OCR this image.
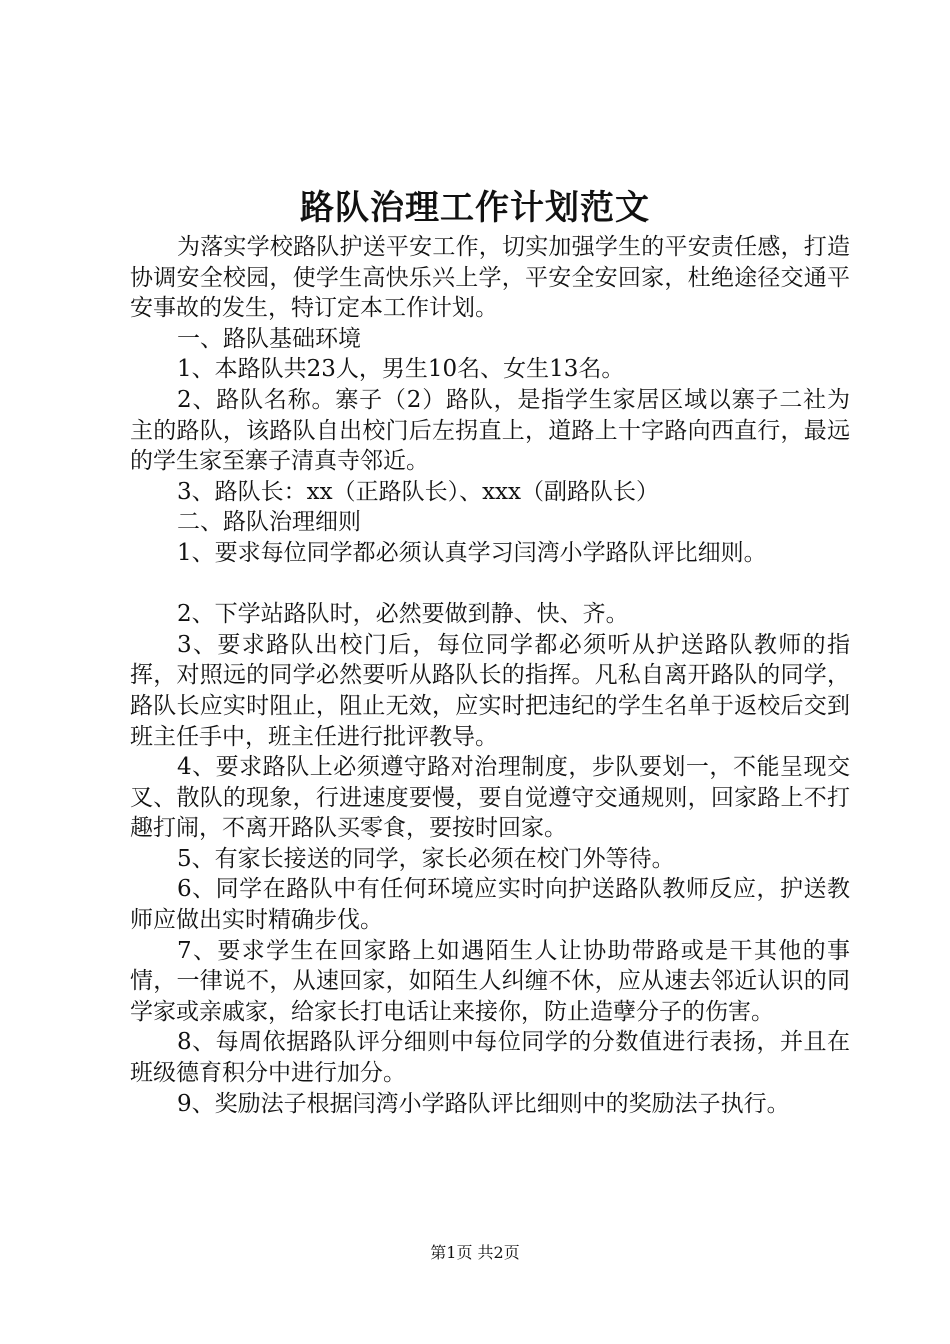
路队治理工作计划范文

为落实学校路队护送平安工作，切实加强学生的平安责任感，打造协调安全校园，使学生高快乐兴上学，平安全安回家，杜绝途径交通平安事故的发生，特订定本工作计划。

一、路队基础环境

1、本路队共23人，男生10名、女生13名。

2、路队名称。寨子（2）路队，是指学生家居区域以寨子二社为主的路队，该路队自出校门后左拐直上，道路上十字路向西直行，最远的学生家至寨子清真寺邻近。

3、路队长：xx（正路队长）、xxx（副路队长）

二、路队治理细则

1、要求每位同学都必须认真学习闫湾小学路队评比细则。

2、下学站路队时，必然要做到静、快、齐。

3、要求路队出校门后，每位同学都必须听从护送路队教师的指挥，对照远的同学必然要听从路队长的指挥。凡私自离开路队的同学，路队长应实时阻止，阻止无效，应实时把违纪的学生名单于返校后交到班主任手中，班主任进行批评教导。

4、要求路队上必须遵守路对治理制度，步队要划一，不能呈现交叉、散队的现象，行进速度要慢，要自觉遵守交通规则，回家路上不打趣打闹，不离开路队买零食，要按时回家。

5、有家长接送的同学，家长必须在校门外等待。

6、同学在路队中有任何环境应实时向护送路队教师反应，护送教师应做出实时精确步伐。

7、要求学生在回家路上如遇陌生人让协助带路或是干其他的事情，一律说不，从速回家，如陌生人纠缠不休，应从速去邻近认识的同学家或亲戚家，给家长打电话让来接你，防止造孽分子的伤害。

8、每周依据路队评分细则中每位同学的分数值进行表扬，并且在班级德育积分中进行加分。

9、奖励法子根据闫湾小学路队评比细则中的奖励法子执行。

第1页 共2页
